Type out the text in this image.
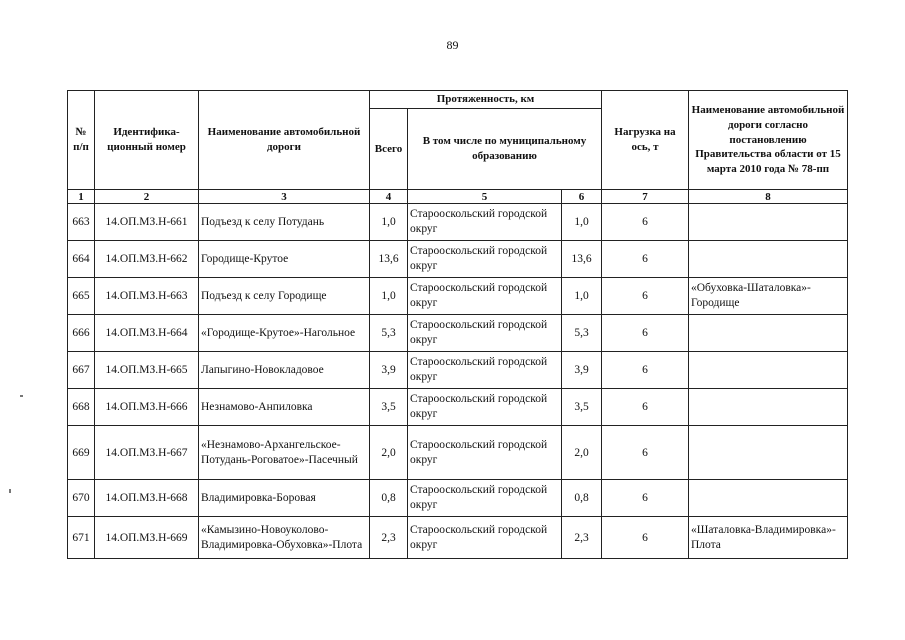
89
№ п/п	Идентифика-ционный номер	Наименование автомобильной дороги	Протяженность, км			Нагрузка на ось, т	Наименование автомобильной дороги согласно постановлению Правительства области от 15 марта 2010 года № 78-пп
			Всего	В том числе по муниципальному образованию			
1	2	3	4	5	6	7	8
663	14.ОП.МЗ.Н-661	Подъезд к селу Потудань	1,0	Старооскольский городской округ	1,0	6	
664	14.ОП.МЗ.Н-662	Городище-Крутое	13,6	Старооскольский городской округ	13,6	6	
665	14.ОП.МЗ.Н-663	Подъезд к селу Городище	1,0	Старооскольский городской округ	1,0	6	«Обуховка-Шаталовка»-Городище
666	14.ОП.МЗ.Н-664	«Городище-Крутое»-Нагольное	5,3	Старооскольский городской округ	5,3	6	
667	14.ОП.МЗ.Н-665	Лапыгино-Новокладовое	3,9	Старооскольский городской округ	3,9	6	
668	14.ОП.МЗ.Н-666	Незнамово-Анпиловка	3,5	Старооскольский городской округ	3,5	6	
669	14.ОП.МЗ.Н-667	«Незнамово-Архангельское-Потудань-Роговатое»-Пасечный	2,0	Старооскольский городской округ	2,0	6	
670	14.ОП.МЗ.Н-668	Владимировка-Боровая	0,8	Старооскольский городской округ	0,8	6	
671	14.ОП.МЗ.Н-669	«Камызино-Новоуколово-Владимировка-Обуховка»-Плота	2,3	Старооскольский городской округ	2,3	6	«Шаталовка-Владимировка»-Плота
